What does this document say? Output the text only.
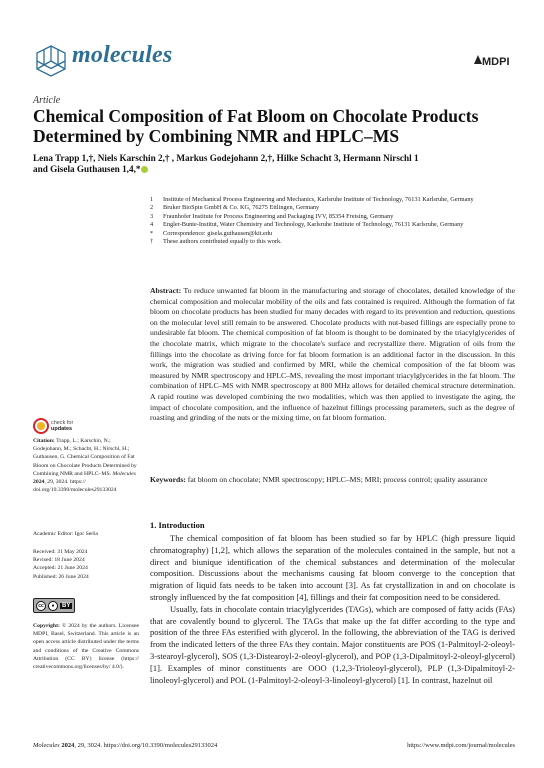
molecules	MDPI
Article
Chemical Composition of Fat Bloom on Chocolate Products Determined by Combining NMR and HPLC–MS
Lena Trapp 1,†, Niels Karschin 2,† , Markus Godejohann 2,†, Hilke Schacht 3, Hermann Nirschl 1
and Gisela Guthausen 1,4,*
1	Institute of Mechanical Process Engineering and Mechanics, Karlsruhe Institute of Technology, 76131 Karlsruhe, Germany
2	Bruker BioSpin GmbH & Co. KG, 76275 Ettlingen, Germany
3	Fraunhofer Institute for Process Engineering and Packaging IVV, 85354 Freising, Germany
4	Engler-Bunte-Institut, Water Chemistry and Technology, Karlsruhe Institute of Technology, 76131 Karlsruhe, Germany
*	Correspondence: gisela.guthausen@kit.edu
†	These authors contributed equally to this work.
Abstract: To reduce unwanted fat bloom in the manufacturing and storage of chocolates, detailed knowledge of the chemical composition and molecular mobility of the oils and fats contained is required. Although the formation of fat bloom on chocolate products has been studied for many decades with regard to its prevention and reduction, questions on the molecular level still remain to be answered. Chocolate products with nut-based fillings are especially prone to undesirable fat bloom. The chemical composition of fat bloom is thought to be dominated by the triacylglycerides of the chocolate matrix, which migrate to the chocolate's surface and recrystallize there. Migration of oils from the fillings into the chocolate as driving force for fat bloom formation is an additional factor in the discussion. In this work, the migration was studied and confirmed by MRI, while the chemical composition of the fat bloom was measured by NMR spectroscopy and HPLC–MS, revealing the most important triacylglycerides in the fat bloom. The combination of HPLC–MS with NMR spectroscopy at 800 MHz allows for detailed chemical structure determination. A rapid routine was developed combining the two modalities, which was then applied to investigate the aging, the impact of chocolate composition, and the influence of hazelnut fillings processing parameters, such as the degree of roasting and grinding of the nuts or the mixing time, on fat bloom formation.
Keywords: fat bloom on chocolate; NMR spectroscopy; HPLC–MS; MRI; process control; quality assurance
check for
updates
Citation: Trapp, L.; Karschin, N.; Godejohann, M.; Schacht, H.; Nirschl, H.; Guthausen, G. Chemical Composition of Fat Bloom on Chocolate Products Determined by Combining NMR and HPLC–MS. Molecules 2024, 29, 3024. https:// doi.org/10.3390/molecules29133024
Academic Editor: Igor Serša
Received: 31 May 2024
Revised: 18 June 2024
Accepted: 21 June 2024
Published: 26 June 2024
cc	●	BY
Copyright: © 2024 by the authors. Licensee MDPI, Basel, Switzerland. This article is an open access article distributed under the terms and conditions of the Creative Commons Attribution (CC BY) license (https:// creativecommons.org/licenses/by/ 4.0/).
1. Introduction

The chemical composition of fat bloom has been studied so far by HPLC (high pressure liquid chromatography) [1,2], which allows the separation of the molecules contained in the sample, but not a direct and biunique identification of the chemical substances and determination of the molecular composition. Discussions about the mechanisms causing fat bloom converge to the conception that migration of liquid fats needs to be taken into account [3]. As fat crystallization in and on chocolate is strongly influenced by the fat composition [4], fillings and their fat composition need to be considered.

Usually, fats in chocolate contain triacylglycerides (TAGs), which are composed of fatty acids (FAs) that are covalently bound to glycerol. The TAGs that make up the fat differ according to the type and position of the three FAs esterified with glycerol. In the following, the abbreviation of the TAG is derived from the indicated letters of the three FAs they contain. Major constituents are POS (1-Palmitoyl-2-oleoyl-3-stearoyl-glycerol), SOS (1,3-Distearoyl-2-oleoyl-glycerol), and POP (1,3-Dipalmitoyl-2-oleoyl-glycerol) [1]. Examples of minor constituents are OOO (1,2,3-Trioleoyl-glycerol), PLP (1,3-Dipalmitoyl-2-linoleoyl-glycerol) and POL (1-Palmitoyl-2-oleoyl-3-linoleoyl-glycerol) [1]. In contrast, hazelnut oil

Molecules 2024, 29, 3024. https://doi.org/10.3390/molecules29133024	https://www.mdpi.com/journal/molecules
